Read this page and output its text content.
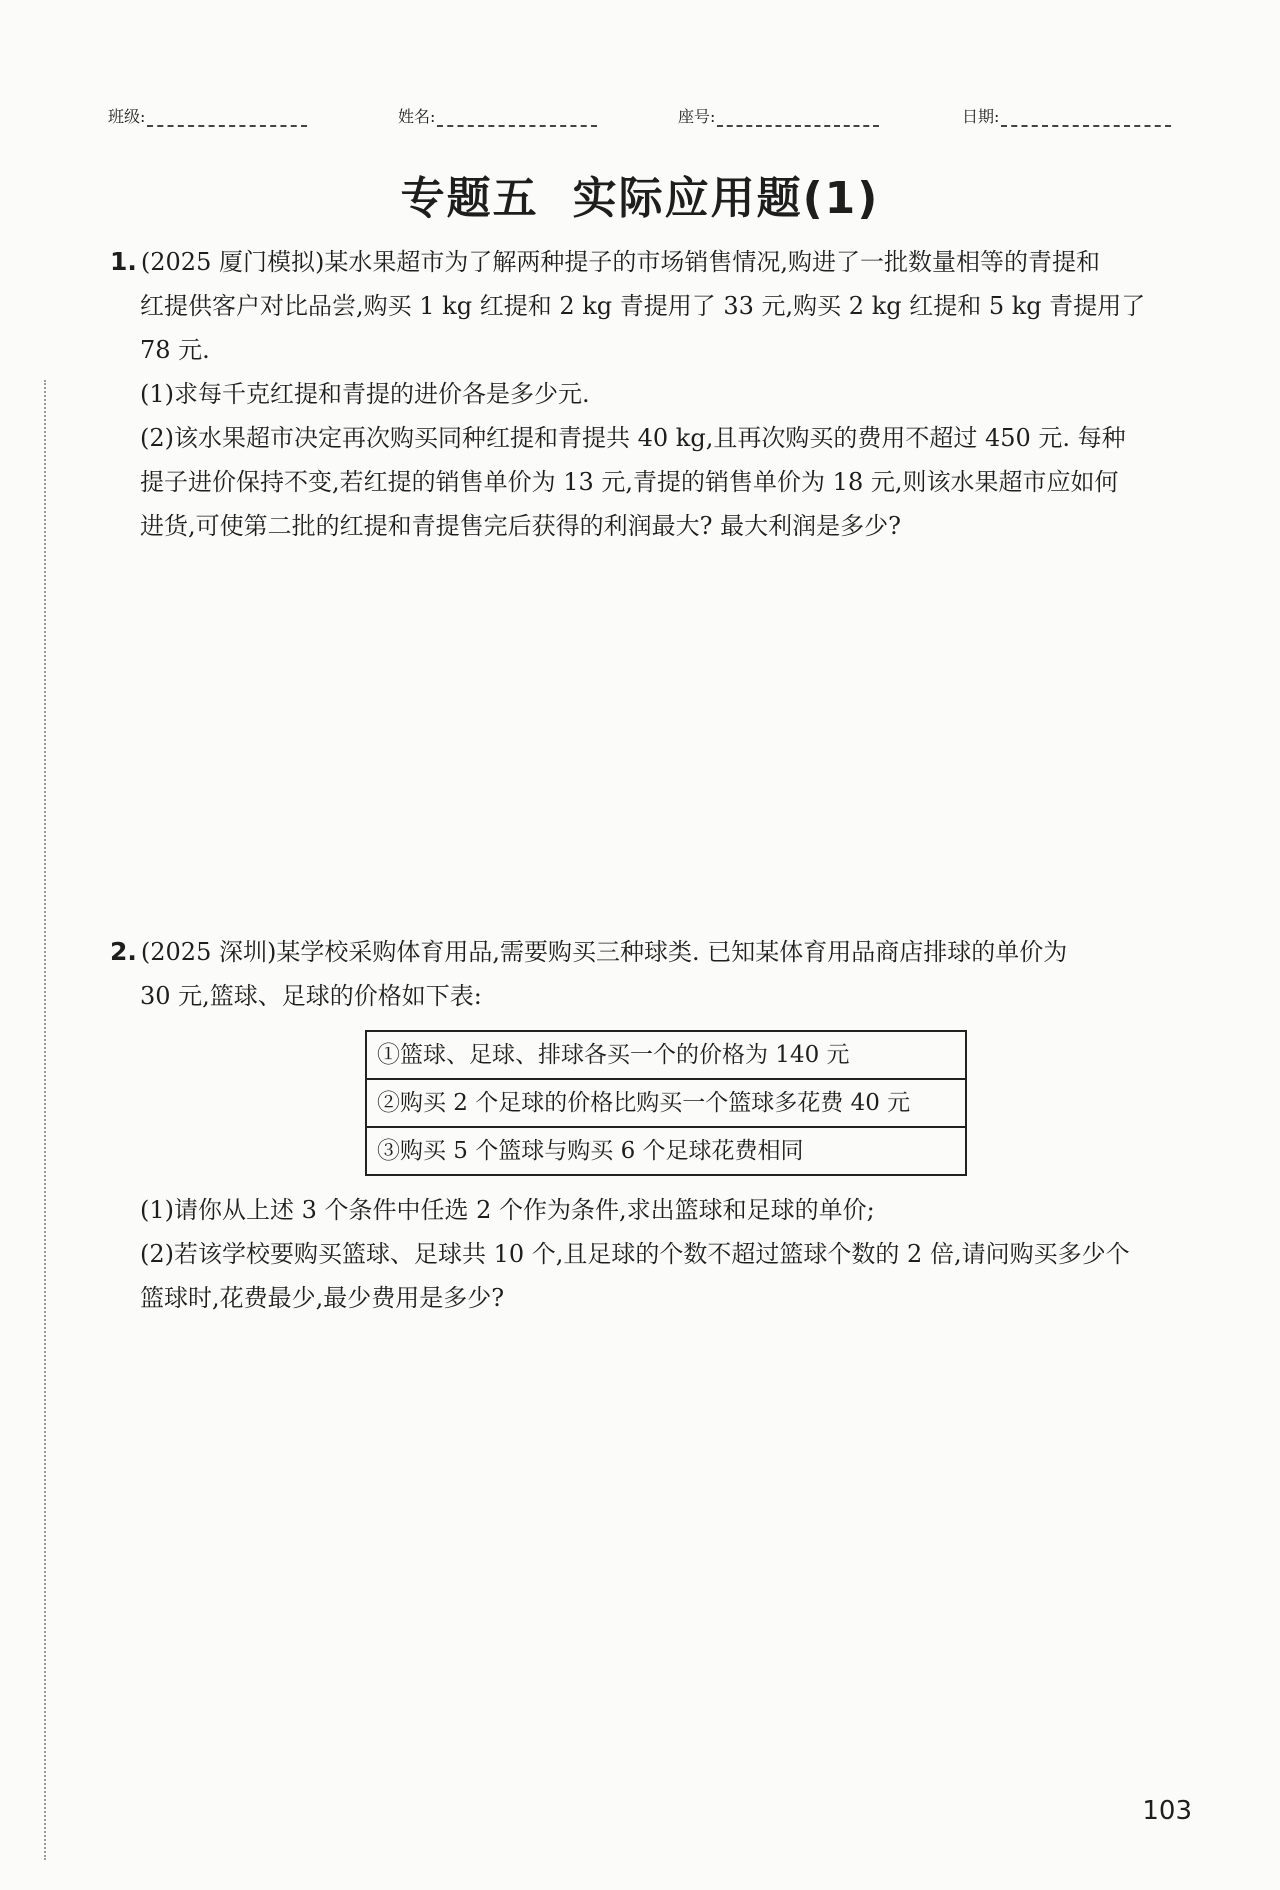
班级:	姓名:	座号:	日期:
专题五 实际应用题(1)

1. (2025 厦门模拟)某水果超市为了解两种提子的市场销售情况,购进了一批数量相等的青提和

红提供客户对比品尝,购买 1 kg 红提和 2 kg 青提用了 33 元,购买 2 kg 红提和 5 kg 青提用了

78 元.

(1)求每千克红提和青提的进价各是多少元.

(2)该水果超市决定再次购买同种红提和青提共 40 kg,且再次购买的费用不超过 450 元. 每种

提子进价保持不变,若红提的销售单价为 13 元,青提的销售单价为 18 元,则该水果超市应如何

进货,可使第二批的红提和青提售完后获得的利润最大? 最大利润是多少?

2. (2025 深圳)某学校采购体育用品,需要购买三种球类. 已知某体育用品商店排球的单价为

30 元,篮球、足球的价格如下表:

①篮球、足球、排球各买一个的价格为 140 元
②购买 2 个足球的价格比购买一个篮球多花费 40 元
③购买 5 个篮球与购买 6 个足球花费相同

(1)请你从上述 3 个条件中任选 2 个作为条件,求出篮球和足球的单价;

(2)若该学校要购买篮球、足球共 10 个,且足球的个数不超过篮球个数的 2 倍,请问购买多少个

篮球时,花费最少,最少费用是多少?

103
